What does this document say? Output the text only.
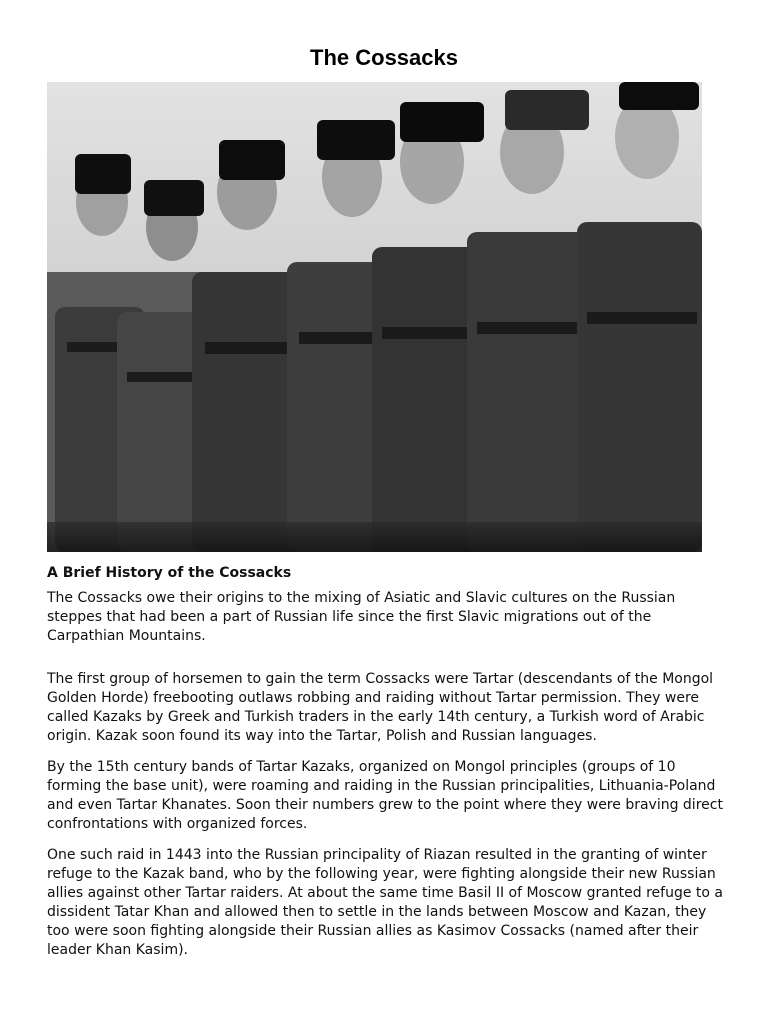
The Cossacks
A Brief History of the Cossacks

The Cossacks owe their origins to the mixing of Asiatic and Slavic cultures on the Russian steppes that had been a part of Russian life since the first Slavic migrations out of the Carpathian Mountains.

The first group of horsemen to gain the term Cossacks were Tartar (descendants of the Mongol Golden Horde) freebooting outlaws robbing and raiding without Tartar permission. They were called Kazaks by Greek and Turkish traders in the early 14th century, a Turkish word of Arabic origin. Kazak soon found its way into the Tartar, Polish and Russian languages.

By the 15th century bands of Tartar Kazaks, organized on Mongol principles (groups of 10 forming the base unit), were roaming and raiding in the Russian principalities, Lithuania-Poland and even Tartar Khanates. Soon their numbers grew to the point where they were braving direct confrontations with organized forces.

One such raid in 1443 into the Russian principality of Riazan resulted in the granting of winter refuge to the Kazak band, who by the following year, were fighting alongside their new Russian allies against other Tartar raiders. At about the same time Basil II of Moscow granted refuge to a dissident Tatar Khan and allowed then to settle in the lands between Moscow and Kazan, they too were soon fighting alongside their Russian allies as Kasimov Cossacks (named after their leader Khan Kasim).
